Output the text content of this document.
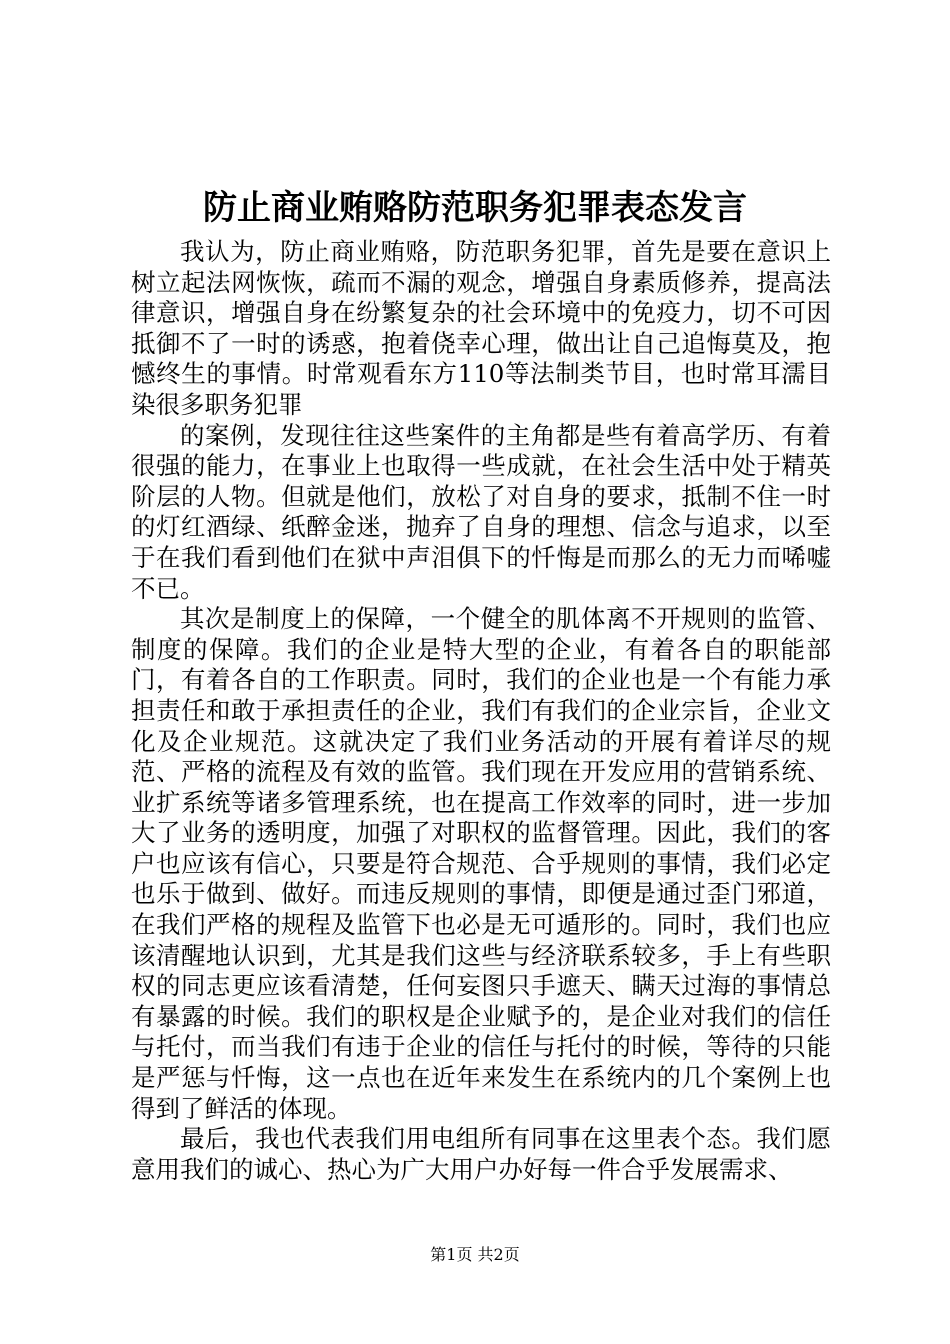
防止商业贿赂防范职务犯罪表态发言

我认为，防止商业贿赂，防范职务犯罪，首先是要在意识上树立起法网恢恢，疏而不漏的观念，增强自身素质修养，提高法律意识，增强自身在纷繁复杂的社会环境中的免疫力，切不可因抵御不了一时的诱惑，抱着侥幸心理，做出让自己追悔莫及，抱憾终生的事情。时常观看东方110等法制类节目，也时常耳濡目染很多职务犯罪

的案例，发现往往这些案件的主角都是些有着高学历、有着很强的能力，在事业上也取得一些成就，在社会生活中处于精英阶层的人物。但就是他们，放松了对自身的要求，抵制不住一时的灯红酒绿、纸醉金迷，抛弃了自身的理想、信念与追求，以至于在我们看到他们在狱中声泪俱下的忏悔是而那么的无力而唏嘘不已。

其次是制度上的保障，一个健全的肌体离不开规则的监管、制度的保障。我们的企业是特大型的企业，有着各自的职能部门，有着各自的工作职责。同时，我们的企业也是一个有能力承担责任和敢于承担责任的企业，我们有我们的企业宗旨，企业文化及企业规范。这就决定了我们业务活动的开展有着详尽的规范、严格的流程及有效的监管。我们现在开发应用的营销系统、业扩系统等诸多管理系统，也在提高工作效率的同时，进一步加大了业务的透明度，加强了对职权的监督管理。因此，我们的客户也应该有信心，只要是符合规范、合乎规则的事情，我们必定也乐于做到、做好。而违反规则的事情，即便是通过歪门邪道，在我们严格的规程及监管下也必是无可遁形的。同时，我们也应该清醒地认识到，尤其是我们这些与经济联系较多，手上有些职权的同志更应该看清楚，任何妄图只手遮天、瞒天过海的事情总有暴露的时候。我们的职权是企业赋予的，是企业对我们的信任与托付，而当我们有违于企业的信任与托付的时候，等待的只能是严惩与忏悔，这一点也在近年来发生在系统内的几个案例上也得到了鲜活的体现。

最后，我也代表我们用电组所有同事在这里表个态。我们愿意用我们的诚心、热心为广大用户办好每一件合乎发展需求、

第1页 共2页
